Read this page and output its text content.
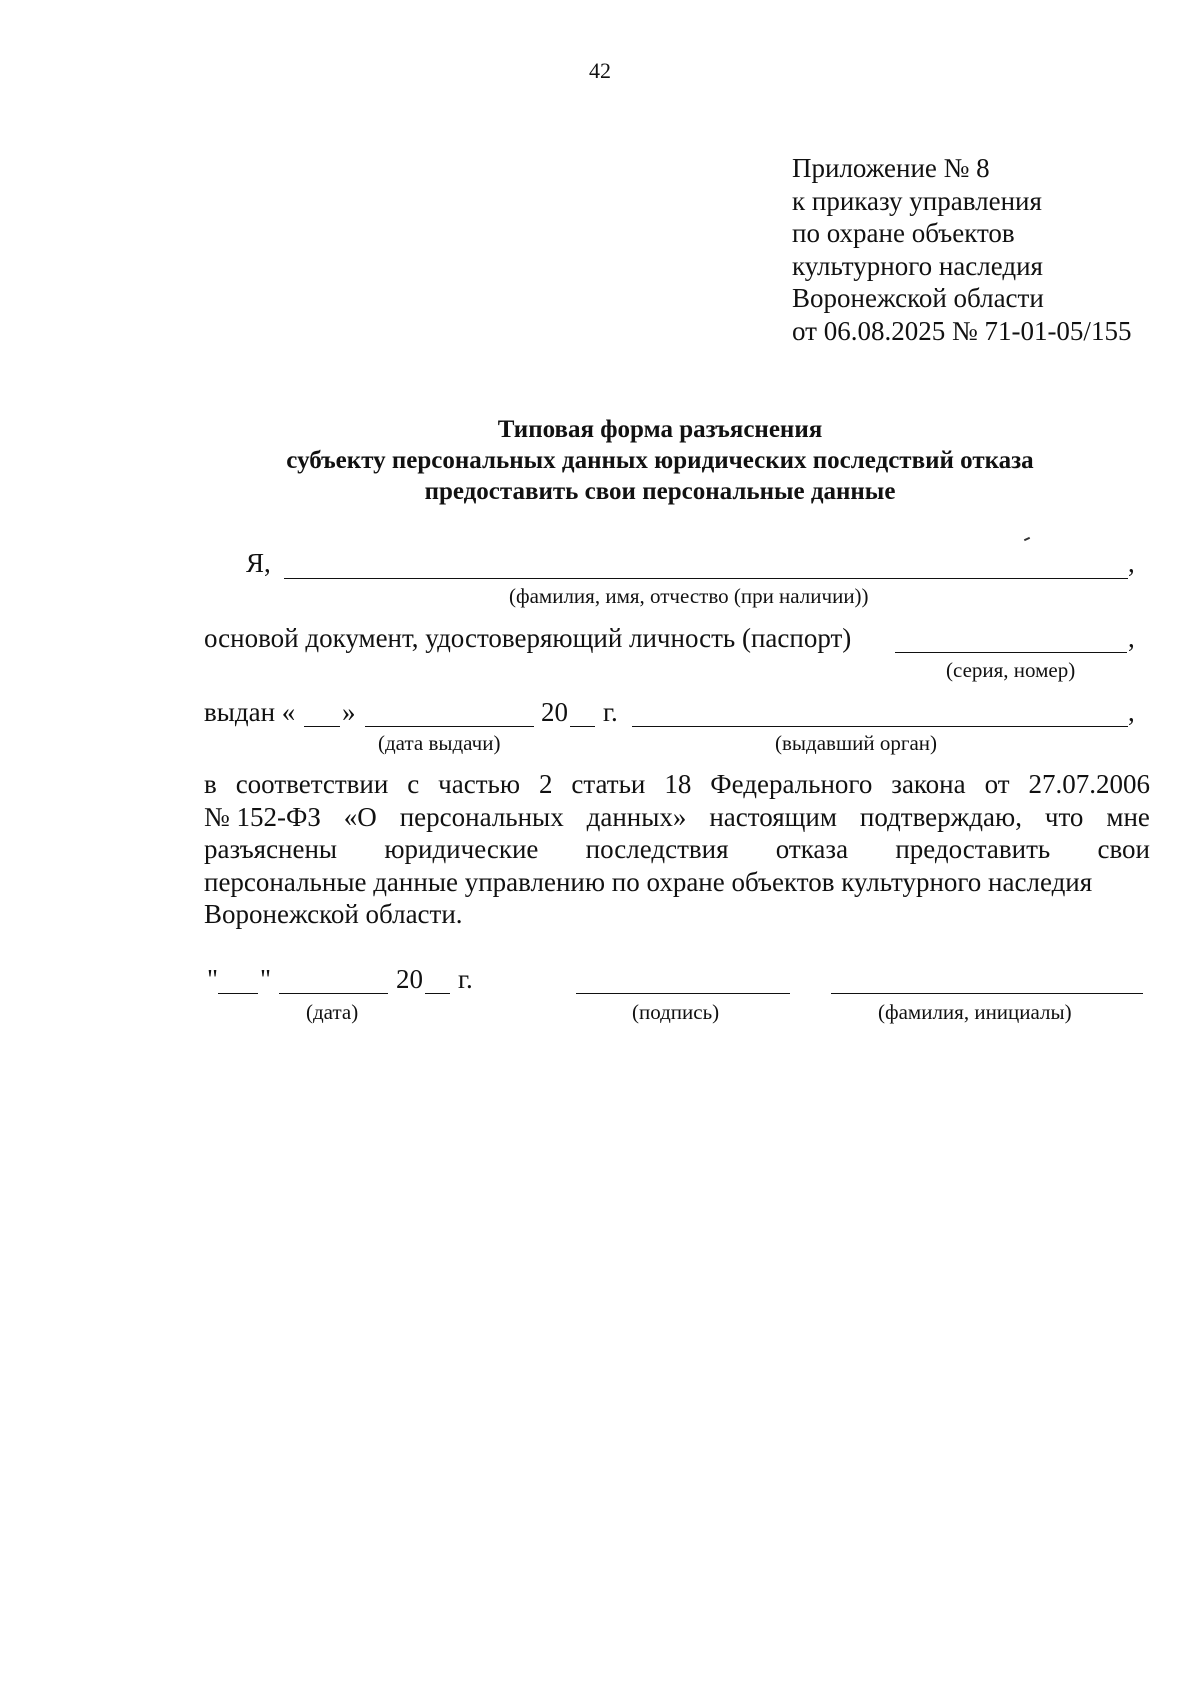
42
Приложение № 8
к приказу управления
по охране объектов
культурного наследия
Воронежской области
от 06.08.2025 № 71-01-05/155
Типовая форма разъяснения
субъекту персональных данных юридических последствий отказа
предоставить свои персональные данные
Я,	,
(фамилия, имя, отчество (при наличии))
основой документ, удостоверяющий личность (паспорт)	,
(серия, номер)
выдан « »	20 г.	,
(дата выдачи)	(выдавший орган)
в соответствии с частью 2 статьи 18 Федерального закона от 27.07.2006
№ 152-ФЗ «О персональных данных» настоящим подтверждаю, что мне
разъяснены юридические последствия отказа предоставить свои
персональные данные управлению по охране объектов культурного наследия
Воронежской области.
" "	20 г.
(дата)	(подпись)	(фамилия, инициалы)
